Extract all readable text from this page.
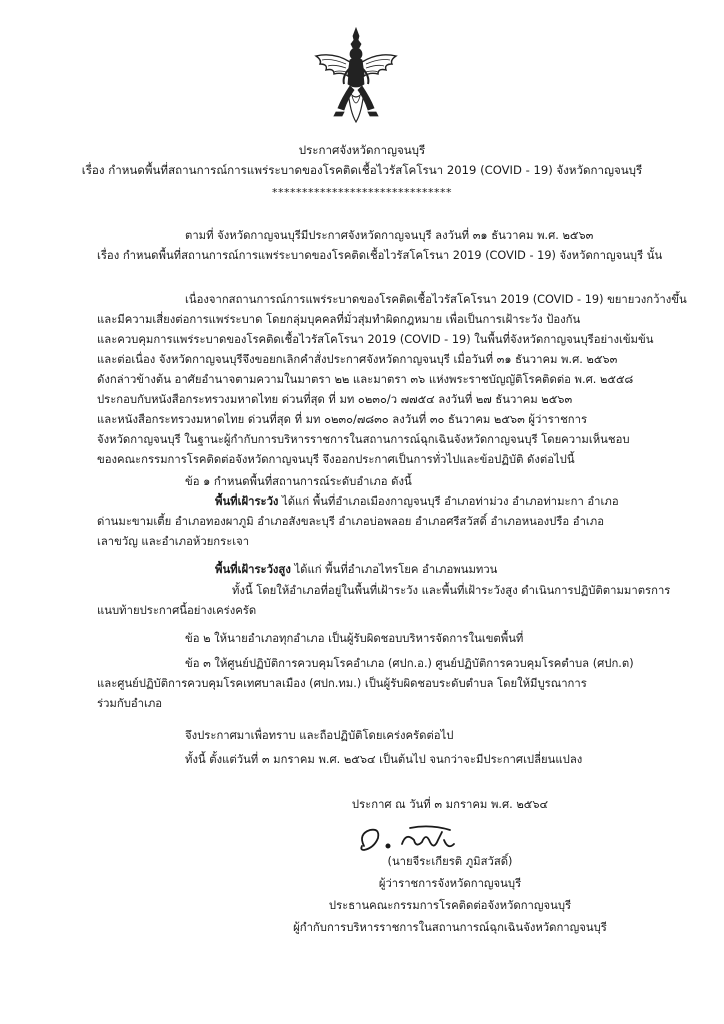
ประกาศจังหวัดกาญจนบุรี
เรื่อง กำหนดพื้นที่สถานการณ์การแพร่ระบาดของโรคติดเชื้อไวรัสโคโรนา 2019 (COVID - 19) จังหวัดกาญจนบุรี
******************************
ตามที่ จังหวัดกาญจนบุรีมีประกาศจังหวัดกาญจนบุรี ลงวันที่ ๓๑ ธันวาคม พ.ศ. ๒๕๖๓
เรื่อง กำหนดพื้นที่สถานการณ์การแพร่ระบาดของโรคติดเชื้อไวรัสโคโรนา 2019 (COVID - 19) จังหวัดกาญจนบุรี นั้น
เนื่องจากสถานการณ์การแพร่ระบาดของโรคติดเชื้อไวรัสโคโรนา 2019 (COVID - 19) ขยายวงกว้างขึ้น
และมีความเสี่ยงต่อการแพร่ระบาด โดยกลุ่มบุคคลที่มั่วสุ่มทำผิดกฎหมาย เพื่อเป็นการเฝ้าระวัง ป้องกัน
และควบคุมการแพร่ระบาดของโรคติดเชื้อไวรัสโคโรนา 2019 (COVID - 19) ในพื้นที่จังหวัดกาญจนบุรีอย่างเข้มข้น
และต่อเนื่อง จังหวัดกาญจนบุรีจึงขอยกเลิกคำสั่งประกาศจังหวัดกาญจนบุรี เมื่อวันที่ ๓๑ ธันวาคม พ.ศ. ๒๕๖๓
ดังกล่าวข้างต้น อาศัยอำนาจตามความในมาตรา ๒๒ และมาตรา ๓๖ แห่งพระราชบัญญัติโรคติดต่อ พ.ศ. ๒๕๕๘
ประกอบกับหนังสือกระทรวงมหาดไทย ด่วนที่สุด ที่ มท ๐๒๓๐/ว ๗๗๕๔ ลงวันที่ ๒๗ ธันวาคม ๒๕๖๓
และหนังสือกระทรวงมหาดไทย ด่วนที่สุด ที่ มท ๐๒๓๐/๗๘๓๐ ลงวันที่ ๓๐ ธันวาคม ๒๕๖๓ ผู้ว่าราชการ
จังหวัดกาญจนบุรี ในฐานะผู้กำกับการบริหารราชการในสถานการณ์ฉุกเฉินจังหวัดกาญจนบุรี โดยความเห็นชอบ
ของคณะกรรมการโรคติดต่อจังหวัดกาญจนบุรี จึงออกประกาศเป็นการทั่วไปและข้อปฏิบัติ ดังต่อไปนี้
ข้อ ๑ กำหนดพื้นที่สถานการณ์ระดับอำเภอ ดังนี้
พื้นที่เฝ้าระวัง ได้แก่ พื้นที่อำเภอเมืองกาญจนบุรี อำเภอท่าม่วง อำเภอท่ามะกา อำเภอ
ด่านมะขามเตี้ย อำเภอทองผาภูมิ อำเภอสังขละบุรี อำเภอบ่อพลอย อำเภอศรีสวัสดิ์ อำเภอหนองปรือ อำเภอ
เลาขวัญ และอำเภอห้วยกระเจา
พื้นที่เฝ้าระวังสูง ได้แก่ พื้นที่อำเภอไทรโยค อำเภอพนมทวน
ทั้งนี้ โดยให้อำเภอที่อยู่ในพื้นที่เฝ้าระวัง และพื้นที่เฝ้าระวังสูง ดำเนินการปฏิบัติตามมาตรการ
แนบท้ายประกาศนี้อย่างเคร่งครัด
ข้อ ๒ ให้นายอำเภอทุกอำเภอ เป็นผู้รับผิดชอบบริหารจัดการในเขตพื้นที่
ข้อ ๓ ให้ศูนย์ปฏิบัติการควบคุมโรคอำเภอ (ศปก.อ.) ศูนย์ปฏิบัติการควบคุมโรคตำบล (ศปก.ต)
และศูนย์ปฏิบัติการควบคุมโรคเทศบาลเมือง (ศปก.ทม.) เป็นผู้รับผิดชอบระดับตำบล โดยให้มีบูรณาการ
ร่วมกับอำเภอ
จึงประกาศมาเพื่อทราบ และถือปฏิบัติโดยเคร่งครัดต่อไป
ทั้งนี้ ตั้งแต่วันที่ ๓ มกราคม พ.ศ. ๒๕๖๔ เป็นต้นไป จนกว่าจะมีประกาศเปลี่ยนแปลง
ประกาศ ณ วันที่ ๓ มกราคม พ.ศ. ๒๕๖๔
(นายจีระเกียรติ ภูมิสวัสดิ์)
ผู้ว่าราชการจังหวัดกาญจนบุรี
ประธานคณะกรรมการโรคติดต่อจังหวัดกาญจนบุรี
ผู้กำกับการบริหารราชการในสถานการณ์ฉุกเฉินจังหวัดกาญจนบุรี
